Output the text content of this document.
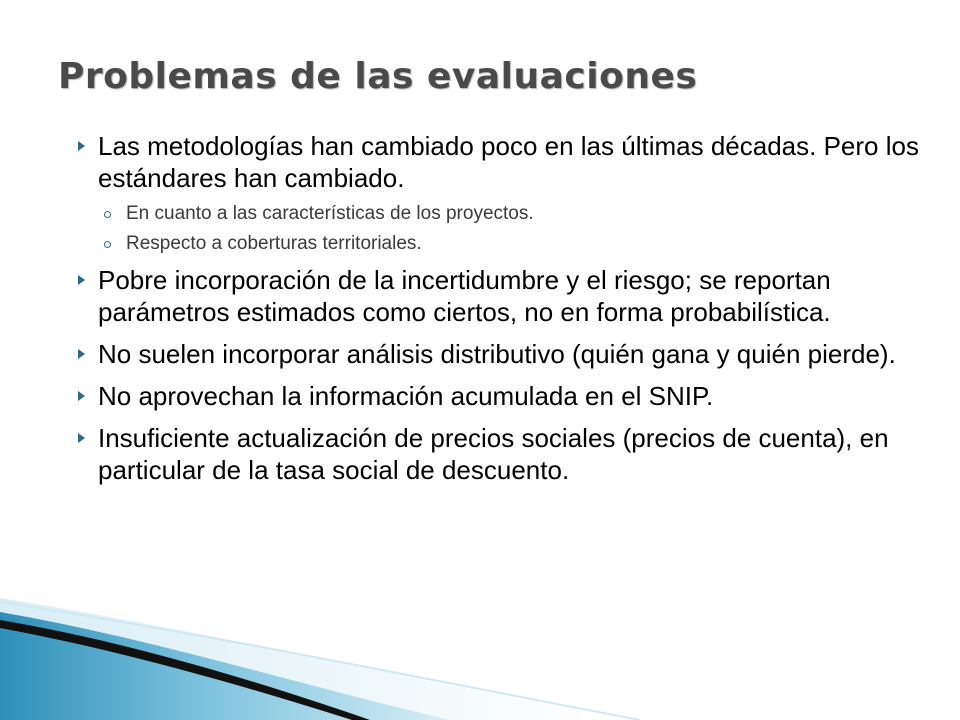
Problemas de las evaluaciones
Las metodologías han cambiado poco en las últimas décadas. Pero los estándares han cambiado.
En cuanto a las características de los proyectos.
Respecto a coberturas territoriales.
Pobre incorporación de la incertidumbre y el riesgo; se reportan parámetros estimados como ciertos, no en forma probabilística.
No suelen incorporar análisis distributivo (quién gana y quién pierde).
No aprovechan la información acumulada en el SNIP.
Insuficiente actualización de precios sociales (precios de cuenta), en particular de la tasa social de descuento.
